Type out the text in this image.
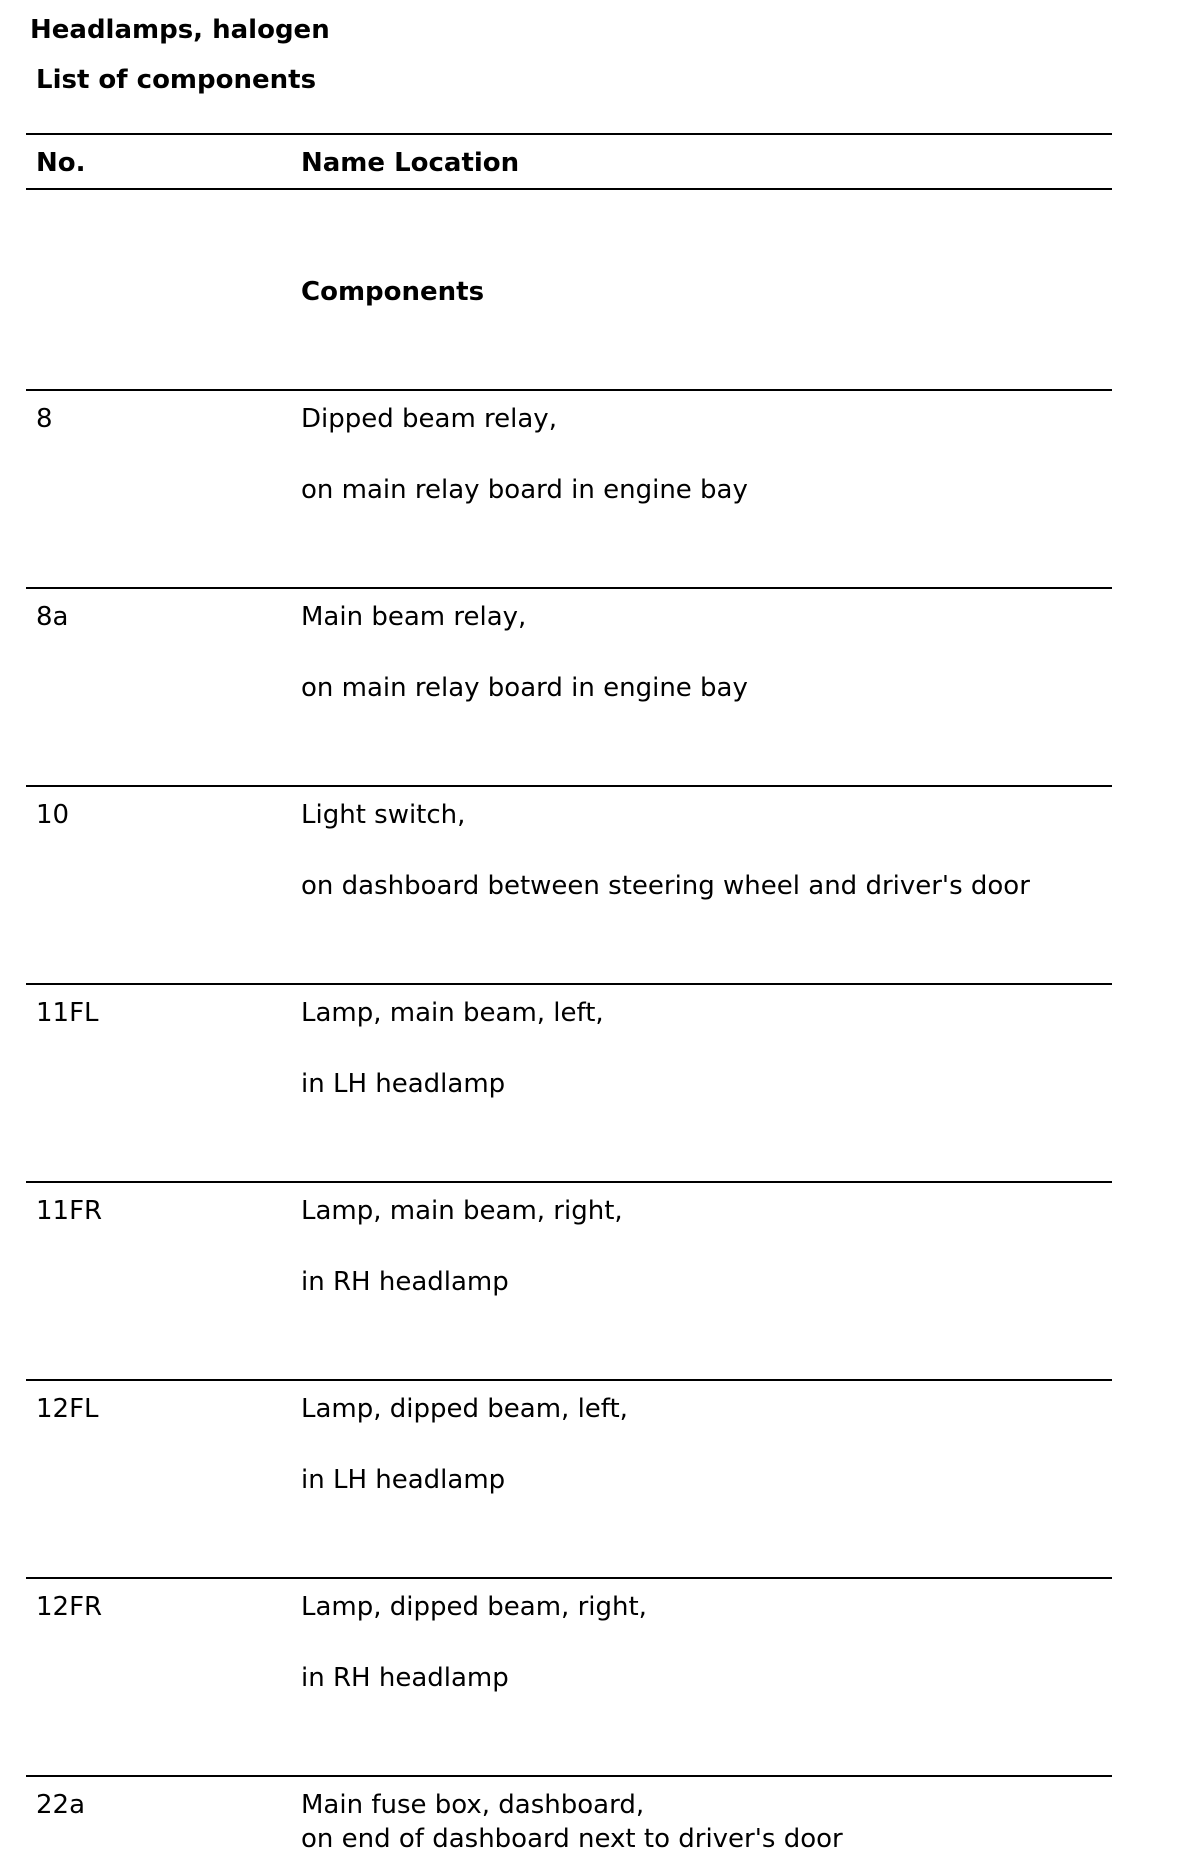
Headlamps, halogen
List of components
No.	Name Location
Components
8	Dipped beam relay,
on main relay board in engine bay
8a	Main beam relay,
on main relay board in engine bay
10	Light switch,
on dashboard between steering wheel and driver's door
11FL	Lamp, main beam, left,
in LH headlamp
11FR	Lamp, main beam, right,
in RH headlamp
12FL	Lamp, dipped beam, left,
in LH headlamp
12FR	Lamp, dipped beam, right,
in RH headlamp
22a	Main fuse box, dashboard,
on end of dashboard next to driver's door
